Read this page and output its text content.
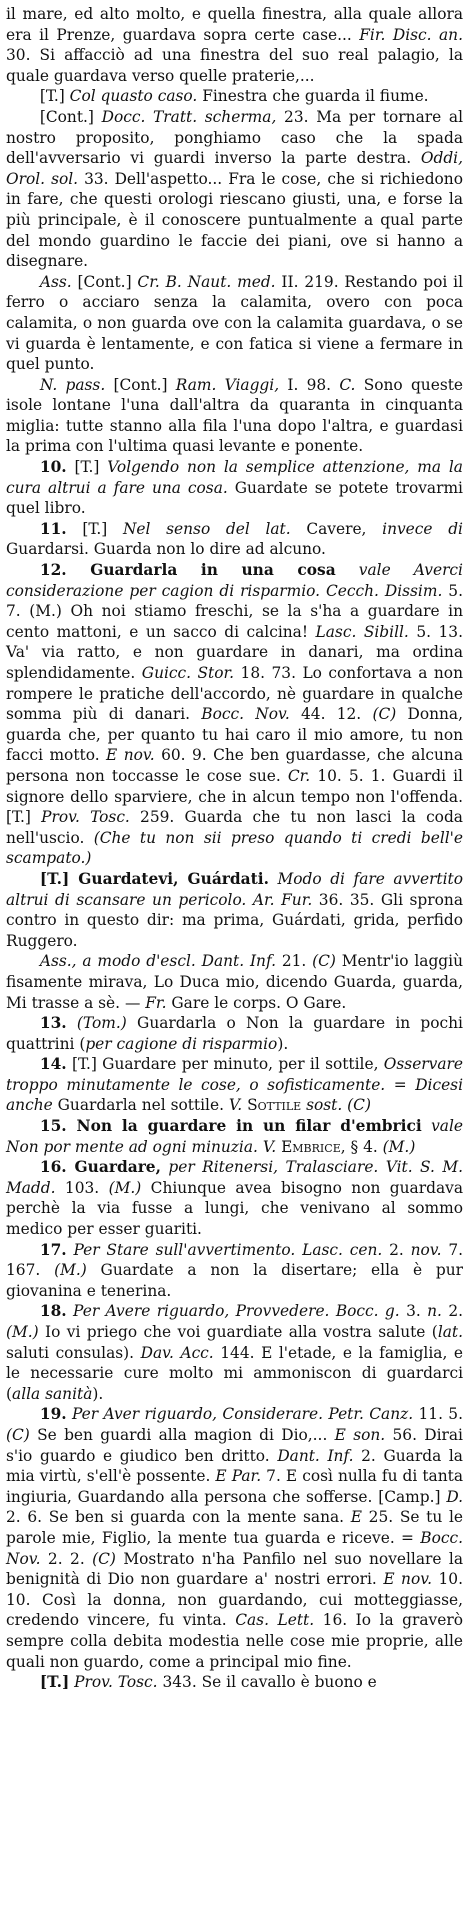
il mare, ed alto molto, e quella finestra, alla quale allora era il Prenze, guardava sopra certe case... Fir. Disc. an. 30. Si affacciò ad una finestra del suo real palagio, la quale guardava verso quelle praterie,...

[T.] Col quasto caso. Finestra che guarda il fiume.

[Cont.] Docc. Tratt. scherma, 23. Ma per tornare al nostro proposito, ponghiamo caso che la spada dell'avversario vi guardi inverso la parte destra. Oddi, Orol. sol. 33. Dell'aspetto... Fra le cose, che si richiedono in fare, che questi orologi riescano giusti, una, e forse la più principale, è il conoscere puntualmente a qual parte del mondo guardino le faccie dei piani, ove si hanno a disegnare.

Ass. [Cont.] Cr. B. Naut. med. II. 219. Restando poi il ferro o acciaro senza la calamita, overo con poca calamita, o non guarda ove con la calamita guardava, o se vi guarda è lentamente, e con fatica si viene a fermare in quel punto.

N. pass. [Cont.] Ram. Viaggi, I. 98. C. Sono queste isole lontane l'una dall'altra da quaranta in cinquanta miglia: tutte stanno alla fila l'una dopo l'altra, e guardasi la prima con l'ultima quasi levante e ponente.

10. [T.] Volgendo non la semplice attenzione, ma la cura altrui a fare una cosa. Guardate se potete trovarmi quel libro.

11. [T.] Nel senso del lat. Cavere, invece di Guardarsi. Guarda non lo dire ad alcuno.

12. Guardarla in una cosa vale Averci considerazione per cagion di risparmio. Cecch. Dissim. 5. 7. (M.) Oh noi stiamo freschi, se la s'ha a guardare in cento mattoni, e un sacco di calcina! Lasc. Sibill. 5. 13. Va' via ratto, e non guardare in danari, ma ordina splendidamente. Guicc. Stor. 18. 73. Lo confortava a non rompere le pratiche dell'accordo, nè guardare in qualche somma più di danari. Bocc. Nov. 44. 12. (C) Donna, guarda che, per quanto tu hai caro il mio amore, tu non facci motto. E nov. 60. 9. Che ben guardasse, che alcuna persona non toccasse le cose sue. Cr. 10. 5. 1. Guardi il signore dello sparviere, che in alcun tempo non l'offenda. [T.] Prov. Tosc. 259. Guarda che tu non lasci la coda nell'uscio. (Che tu non sii preso quando ti credi bell'e scampato.)

[T.] Guardatevi, Guárdati. Modo di fare avvertito altrui di scansare un pericolo. Ar. Fur. 36. 35. Gli sprona contro in questo dir: ma prima, Guárdati, grida, perfido Ruggero.

Ass., a modo d'escl. Dant. Inf. 21. (C) Mentr'io laggiù fisamente mirava, Lo Duca mio, dicendo Guarda, guarda, Mi trasse a sè. — Fr. Gare le corps. O Gare.

13. (Tom.) Guardarla o Non la guardare in pochi quattrini (per cagione di risparmio).

14. [T.] Guardare per minuto, per il sottile, Osservare troppo minutamente le cose, o sofisticamente. = Dicesi anche Guardarla nel sottile. V. Sottile sost. (C)

15. Non la guardare in un filar d'embrici vale Non por mente ad ogni minuzia. V. Embrice, § 4. (M.)

16. Guardare, per Ritenersi, Tralasciare. Vit. S. M. Madd. 103. (M.) Chiunque avea bisogno non guardava perchè la via fusse a lungi, che venivano al sommo medico per esser guariti.

17. Per Stare sull'avvertimento. Lasc. cen. 2. nov. 7. 167. (M.) Guardate a non la disertare; ella è pur giovanina e tenerina.

18. Per Avere riguardo, Provvedere. Bocc. g. 3. n. 2. (M.) Io vi priego che voi guardiate alla vostra salute (lat. saluti consulas). Dav. Acc. 144. E l'etade, e la famiglia, e le necessarie cure molto mi ammoniscon di guardarci (alla sanità).

19. Per Aver riguardo, Considerare. Petr. Canz. 11. 5. (C) Se ben guardi alla magion di Dio,... E son. 56. Dirai s'io guardo e giudico ben dritto. Dant. Inf. 2. Guarda la mia virtù, s'ell'è possente. E Par. 7. E così nulla fu di tanta ingiuria, Guardando alla persona che sofferse. [Camp.] D. 2. 6. Se ben si guarda con la mente sana. E 25. Se tu le parole mie, Figlio, la mente tua guarda e riceve. = Bocc. Nov. 2. 2. (C) Mostrato n'ha Panfilo nel suo novellare la benignità di Dio non guardare a' nostri errori. E nov. 10. 10. Così la donna, non guardando, cui motteggiasse, credendo vincere, fu vinta. Cas. Lett. 16. Io la graverò sempre colla debita modestia nelle cose mie proprie, alle quali non guardo, come a principal mio fine.

[T.] Prov. Tosc. 343. Se il cavallo è buono e
